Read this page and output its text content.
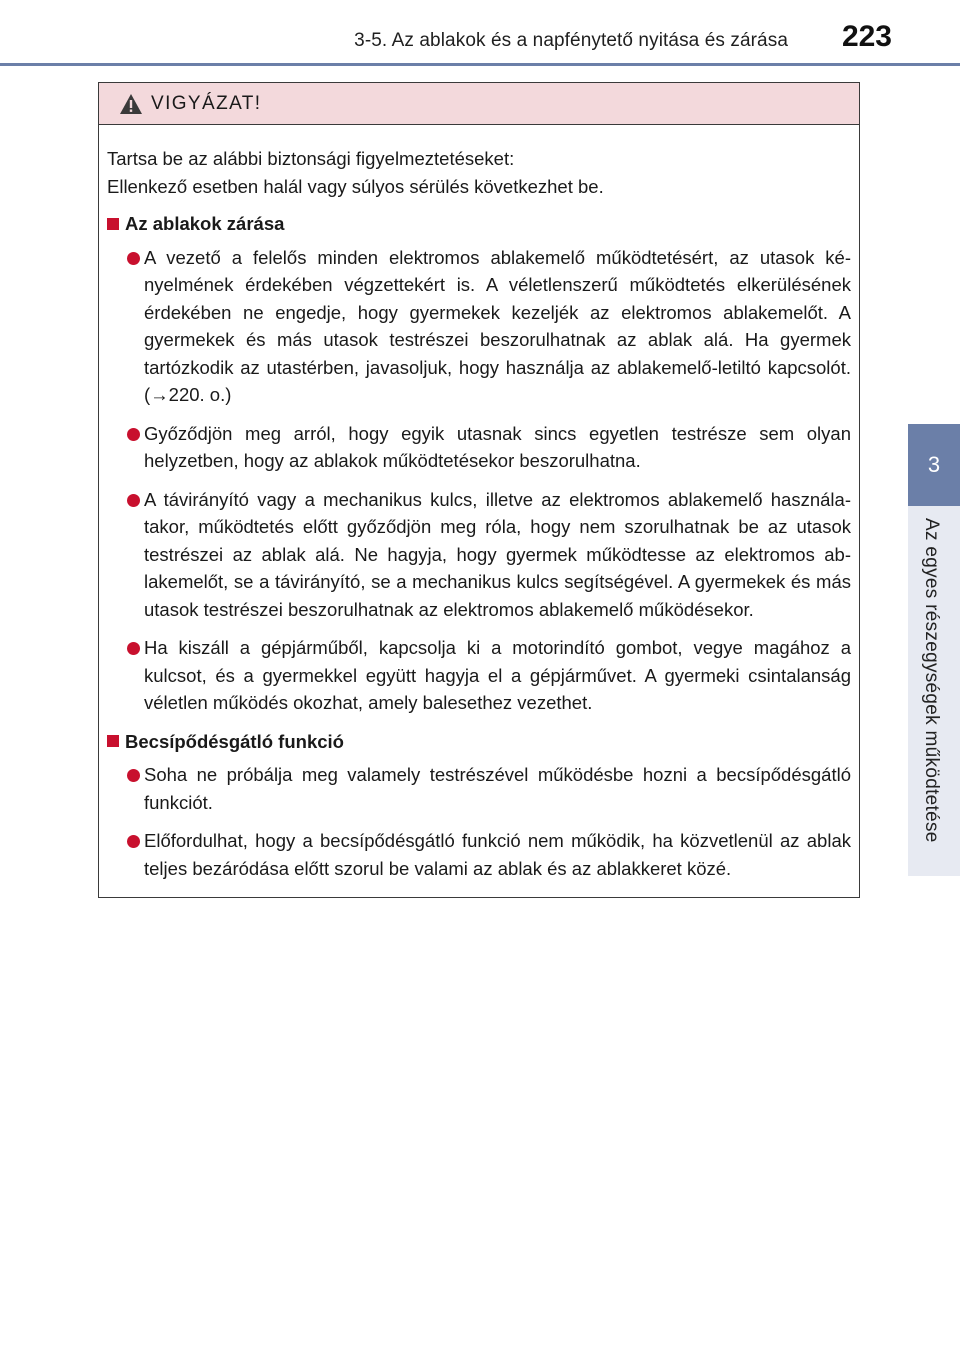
3-5. Az ablakok és a napfénytető nyitása és zárása 223
3
Az egyes részegységek működtetése
VIGYÁZAT!
Tartsa be az alábbi biztonsági figyelmeztetéseket:
Ellenkező esetben halál vagy súlyos sérülés következhet be.
Az ablakok zárása
A vezető a felelős minden elektromos ablakemelő működtetésért, az utasok kényelmének érdekében végzettekért is. A véletlenszerű működtetés elkerülésének érdekében ne engedje, hogy gyermekek kezeljék az elektromos ablakemelőt. A gyermekek és más utasok testrészei beszorulhatnak az ablak alá. Ha gyermek tartózkodik az utastérben, javasoljuk, hogy használja az ablakemelő-letiltó kapcsolót. (→220. o.)
Győződjön meg arról, hogy egyik utasnak sincs egyetlen testrésze sem olyan helyzetben, hogy az ablakok működtetésekor beszorulhatna.
A távirányító vagy a mechanikus kulcs, illetve az elektromos ablakemelő használatakor, működtetés előtt győződjön meg róla, hogy nem szorulhatnak be az utasok testrészei az ablak alá. Ne hagyja, hogy gyermek működtesse az elektromos ablakemelőt, se a távirányító, se a mechanikus kulcs segítségével. A gyermekek és más utasok testrészei beszorulhatnak az elektromos ablakemelő működésekor.
Ha kiszáll a gépjárműből, kapcsolja ki a motorindító gombot, vegye magához a kulcsot, és a gyermekkel együtt hagyja el a gépjárművet. A gyermeki csintalanság véletlen működés okozhat, amely balesethez vezethet.
Becsípődésgátló funkció
Soha ne próbálja meg valamely testrészével működésbe hozni a becsípődésgátló funkciót.
Előfordulhat, hogy a becsípődésgátló funkció nem működik, ha közvetlenül az ablak teljes bezáródása előtt szorul be valami az ablak és az ablakkeret közé.
